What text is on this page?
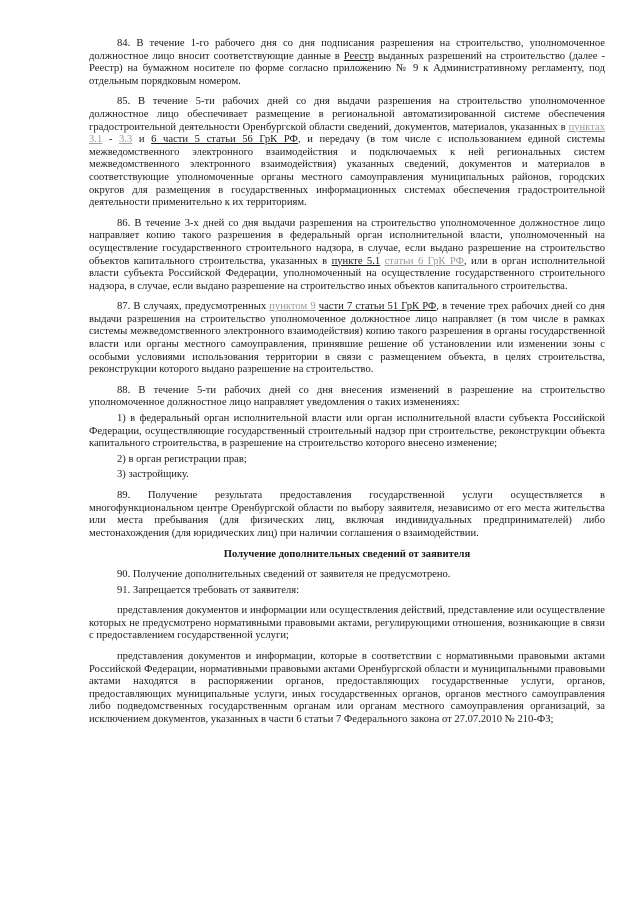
84. В течение 1-го рабочего дня со дня подписания разрешения на строительство, уполномоченное должностное лицо вносит соответствующие данные в Реестр выданных разрешений на строительство (далее - Реестр) на бумажном носителе по форме согласно приложению № 9 к Административному регламенту, под отдельным порядковым номером.

85. В течение 5-ти рабочих дней со дня выдачи разрешения на строительство уполномоченное должностное лицо обеспечивает размещение в региональной автоматизированной системе обеспечения градостроительной деятельности Оренбургской области сведений, документов, материалов, указанных в пунктах 3.1 - 3.3 и 6 части 5 статьи 56 ГрК РФ, и передачу (в том числе с использованием единой системы межведомственного электронного взаимодействия и подключаемых к ней региональных систем межведомственного электронного взаимодействия) указанных сведений, документов и материалов в соответствующие уполномоченные органы местного самоуправления муниципальных районов, городских округов для размещения в государственных информационных системах обеспечения градостроительной деятельности применительно к их территориям.

86. В течение 3-х дней со дня выдачи разрешения на строительство уполномоченное должностное лицо направляет копию такого разрешения в федеральный орган исполнительной власти, уполномоченный на осуществление государственного строительного надзора, в случае, если выдано разрешение на строительство объектов капитального строительства, указанных в пункте 5.1 статьи 6 ГрК РФ, или в орган исполнительной власти субъекта Российской Федерации, уполномоченный на осуществление государственного строительного надзора, в случае, если выдано разрешение на строительство иных объектов капитального строительства.

87. В случаях, предусмотренных пунктом 9 части 7 статьи 51 ГрК РФ, в течение трех рабочих дней со дня выдачи разрешения на строительство уполномоченное должностное лицо направляет (в том числе в рамках системы межведомственного электронного взаимодействия) копию такого разрешения в органы государственной власти или органы местного самоуправления, принявшие решение об установлении или изменении зоны с особыми условиями использования территории в связи с размещением объекта, в целях строительства, реконструкции которого выдано разрешение на строительство.

88. В течение 5-ти рабочих дней со дня внесения изменений в разрешение на строительство уполномоченное должностное лицо направляет уведомления о таких изменениях:

1) в федеральный орган исполнительной власти или орган исполнительной власти субъекта Российской Федерации, осуществляющие государственный строительный надзор при строительстве, реконструкции объекта капитального строительства, в разрешение на строительство которого внесено изменение;

2) в орган регистрации прав;

3) застройщику.

89. Получение результата предоставления государственной услуги осуществляется в многофункциональном центре Оренбургской области по выбору заявителя, независимо от его места жительства или места пребывания (для физических лиц, включая индивидуальных предпринимателей) либо местонахождения (для юридических лиц) при наличии соглашения о взаимодействии.

Получение дополнительных сведений от заявителя

90. Получение дополнительных сведений от заявителя не предусмотрено.

91. Запрещается требовать от заявителя:

представления документов и информации или осуществления действий, представление или осуществление которых не предусмотрено нормативными правовыми актами, регулирующими отношения, возникающие в связи с предоставлением государственной услуги;

представления документов и информации, которые в соответствии с нормативными правовыми актами Российской Федерации, нормативными правовыми актами Оренбургской области и муниципальными правовыми актами находятся в распоряжении органов, предоставляющих государственные услуги, органов, предоставляющих муниципальные услуги, иных государственных органов, органов местного самоуправления либо подведомственных государственным органам или органам местного самоуправления организаций, за исключением документов, указанных в части 6 статьи 7 Федерального закона от 27.07.2010 № 210-ФЗ;
